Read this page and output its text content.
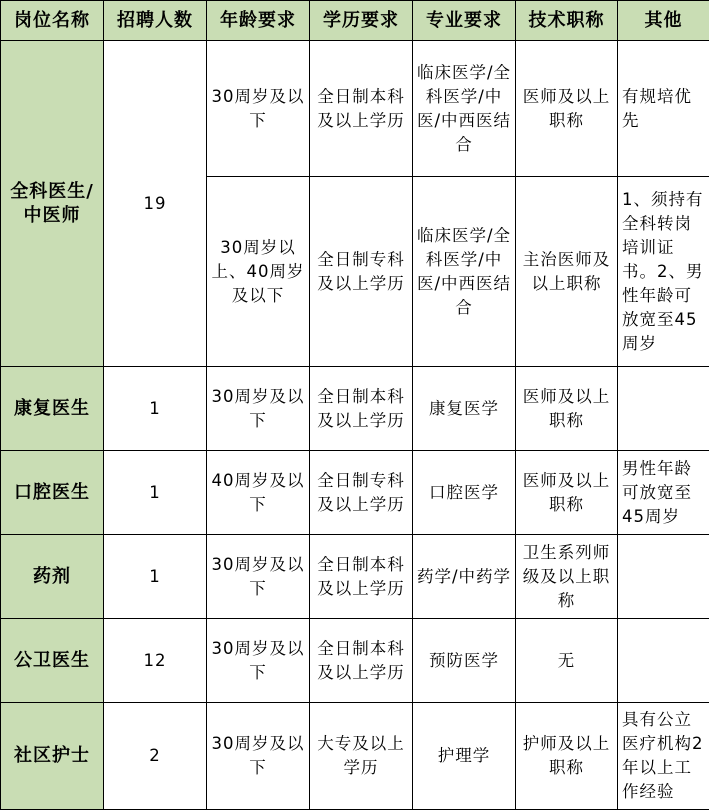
岗位名称	招聘人数	年龄要求	学历要求	专业要求	技术职称	其他
全科医生/中医师	19	30周岁及以下	全日制本科及以上学历	临床医学/全科医学/中医/中西医结合	医师及以上职称	有规培优先
		30周岁以上、40周岁及以下	全日制专科及以上学历	临床医学/全科医学/中医/中西医结合	主治医师及以上职称	1、须持有全科转岗培训证书。2、男性年龄可放宽至45周岁
康复医生	1	30周岁及以下	全日制本科及以上学历	康复医学	医师及以上职称	
口腔医生	1	40周岁及以下	全日制专科及以上学历	口腔医学	医师及以上职称	男性年龄可放宽至45周岁
药剂	1	30周岁及以下	全日制本科及以上学历	药学/中药学	卫生系列师级及以上职称	
公卫医生	12	30周岁及以下	全日制本科及以上学历	预防医学	无	
社区护士	2	30周岁及以下	大专及以上学历	护理学	护师及以上职称	具有公立医疗机构2年以上工作经验
